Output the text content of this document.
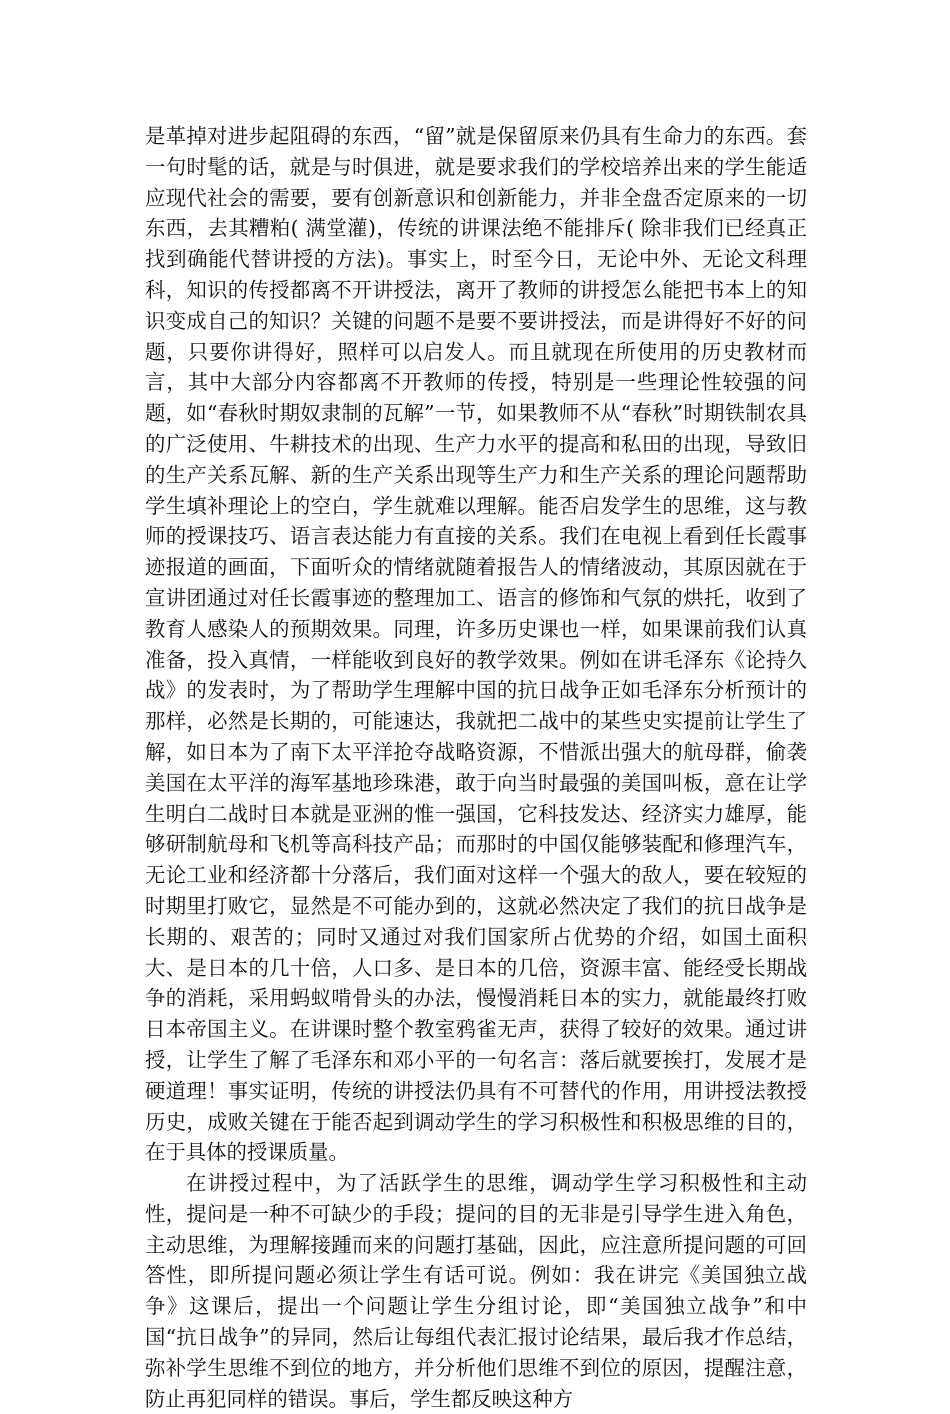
是革掉对进步起阻碍的东西，“留”就是保留原来仍具有生命力的东西。套一句时髦的话，就是与时俱进，就是要求我们的学校培养出来的学生能适应现代社会的需要，要有创新意识和创新能力，并非全盘否定原来的一切东西，去其糟粕( 满堂灌)，传统的讲课法绝不能排斥( 除非我们已经真正找到确能代替讲授的方法)。事实上，时至今日，无论中外、无论文科理科，知识的传授都离不开讲授法，离开了教师的讲授怎么能把书本上的知识变成自己的知识？关键的问题不是要不要讲授法，而是讲得好不好的问题，只要你讲得好，照样可以启发人。而且就现在所使用的历史教材而言，其中大部分内容都离不开教师的传授，特别是一些理论性较强的问题，如“春秋时期奴隶制的瓦解”一节，如果教师不从“春秋”时期铁制农具的广泛使用、牛耕技术的出现、生产力水平的提高和私田的出现，导致旧的生产关系瓦解、新的生产关系出现等生产力和生产关系的理论问题帮助学生填补理论上的空白，学生就难以理解。能否启发学生的思维，这与教师的授课技巧、语言表达能力有直接的关系。我们在电视上看到任长霞事迹报道的画面，下面听众的情绪就随着报告人的情绪波动，其原因就在于宣讲团通过对任长霞事迹的整理加工、语言的修饰和气氛的烘托，收到了教育人感染人的预期效果。同理，许多历史课也一样，如果课前我们认真准备，投入真情，一样能收到良好的教学效果。例如在讲毛泽东《论持久战》的发表时，为了帮助学生理解中国的抗日战争正如毛泽东分析预计的那样，必然是长期的，可能速达，我就把二战中的某些史实提前让学生了解，如日本为了南下太平洋抢夺战略资源，不惜派出强大的航母群，偷袭美国在太平洋的海军基地珍珠港，敢于向当时最强的美国叫板，意在让学生明白二战时日本就是亚洲的惟一强国，它科技发达、经济实力雄厚，能够研制航母和飞机等高科技产品；而那时的中国仅能够装配和修理汽车，无论工业和经济都十分落后，我们面对这样一个强大的敌人，要在较短的时期里打败它，显然是不可能办到的，这就必然决定了我们的抗日战争是长期的、艰苦的；同时又通过对我们国家所占优势的介绍，如国土面积大、是日本的几十倍，人口多、是日本的几倍，资源丰富、能经受长期战争的消耗，采用蚂蚁啃骨头的办法，慢慢消耗日本的实力，就能最终打败日本帝国主义。在讲课时整个教室鸦雀无声，获得了较好的效果。通过讲授，让学生了解了毛泽东和邓小平的一句名言：落后就要挨打，发展才是硬道理！事实证明，传统的讲授法仍具有不可替代的作用，用讲授法教授历史，成败关键在于能否起到调动学生的学习积极性和积极思维的目的，在于具体的授课质量。

在讲授过程中，为了活跃学生的思维，调动学生学习积极性和主动性，提问是一种不可缺少的手段；提问的目的无非是引导学生进入角色，主动思维，为理解接踵而来的问题打基础，因此，应注意所提问题的可回答性，即所提问题必须让学生有话可说。例如：我在讲完《美国独立战争》这课后，提出一个问题让学生分组讨论，即“美国独立战争”和中国“抗日战争”的异同，然后让每组代表汇报讨论结果，最后我才作总结，弥补学生思维不到位的地方，并分析他们思维不到位的原因，提醒注意，防止再犯同样的错误。事后，学生都反映这种方
